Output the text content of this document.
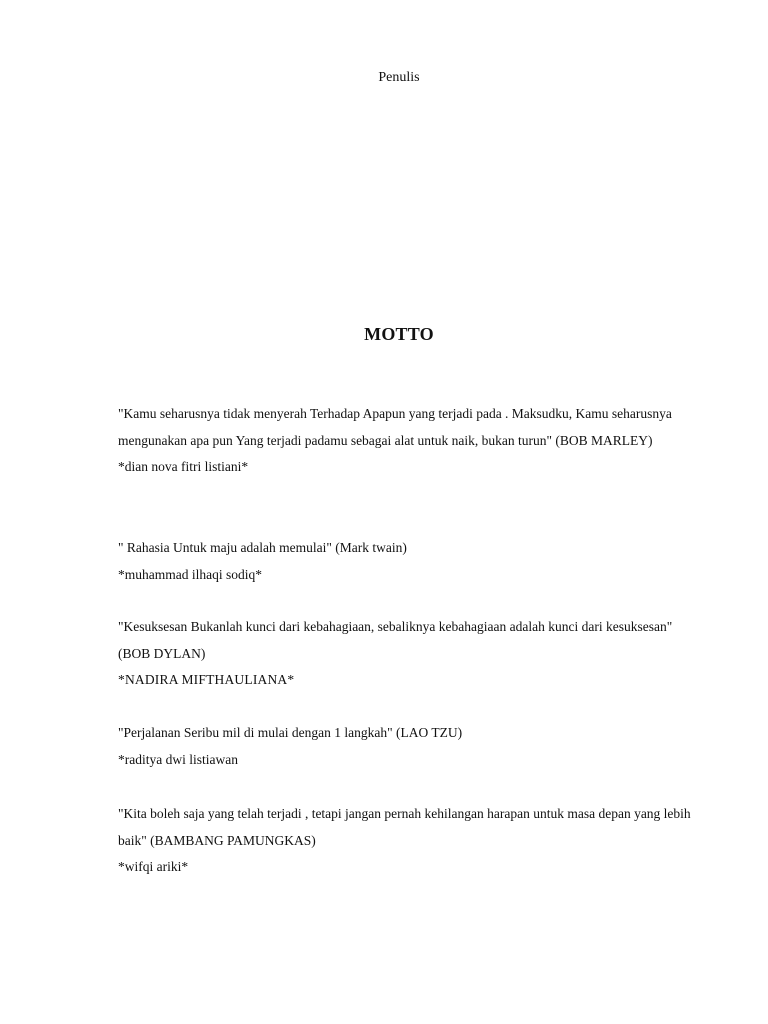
Penulis
MOTTO

"Kamu seharusnya tidak menyerah Terhadap Apapun yang terjadi pada . Maksudku, Kamu seharusnya mengunakan apa pun Yang terjadi padamu sebagai alat untuk naik, bukan turun" (BOB MARLEY)

*dian nova fitri listiani*

" Rahasia Untuk maju adalah memulai" (Mark twain)

*muhammad ilhaqi sodiq*

"Kesuksesan Bukanlah kunci dari kebahagiaan, sebaliknya kebahagiaan adalah kunci dari kesuksesan" (BOB DYLAN)

*NADIRA MIFTHAULIANA*

"Perjalanan Seribu mil di mulai dengan 1 langkah" (LAO TZU)

*raditya dwi listiawan

"Kita boleh saja yang telah terjadi , tetapi jangan pernah kehilangan harapan untuk masa depan yang lebih baik" (BAMBANG PAMUNGKAS)

*wifqi ariki*
